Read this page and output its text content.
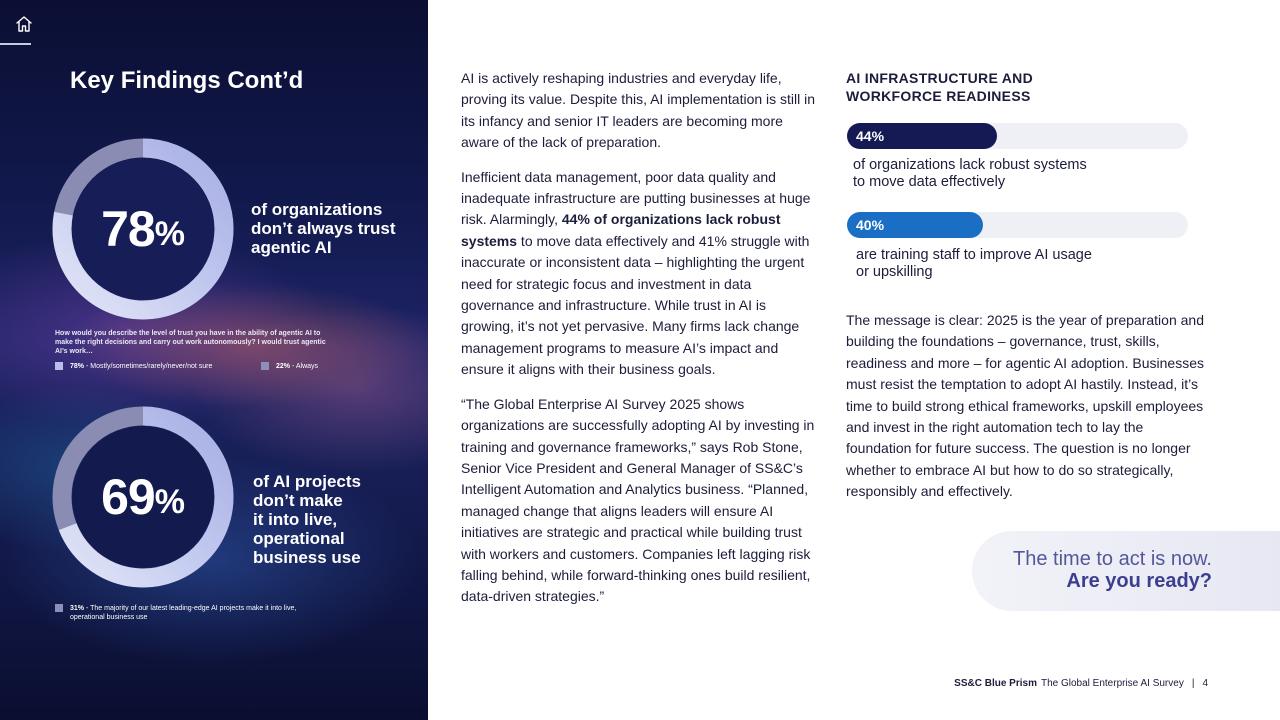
Key Findings Cont’d
78 %
of organizations
don’t always trust
agentic AI
How would you describe the level of trust you have in the ability of agentic AI to make the right decisions and carry out work autonomously? I would trust agentic AI’s work…
78% - Mostly/sometimes/rarely/never/not sure	22% - Always
69 %
of AI projects
don’t make
it into live,
operational
business use
31% - The majority of our latest leading-edge AI projects make it into live, operational business use

AI is actively reshaping industries and everyday life, proving its value. Despite this, AI implementation is still in its infancy and senior IT leaders are becoming more aware of the lack of preparation.

Inefficient data management, poor data quality and inadequate infrastructure are putting businesses at huge risk. Alarmingly, 44% of organizations lack robust systems to move data effectively and 41% struggle with inaccurate or inconsistent data – highlighting the urgent need for strategic focus and investment in data governance and infrastructure. While trust in AI is growing, it’s not yet pervasive. Many firms lack change management programs to measure AI’s impact and ensure it aligns with their business goals.

“The Global Enterprise AI Survey 2025 shows organizations are successfully adopting AI by investing in training and governance frameworks,” says Rob Stone, Senior Vice President and General Manager of SS&C’s Intelligent Automation and Analytics business. “Planned, managed change that aligns leaders will ensure AI initiatives are strategic and practical while building trust with workers and customers. Companies left lagging risk falling behind, while forward-thinking ones build resilient, data-driven strategies.”

AI INFRASTRUCTURE AND
WORKFORCE READINESS
44%
of organizations lack robust systems
to move data effectively
40%
are training staff to improve AI usage
or upskilling
The message is clear: 2025 is the year of preparation and building the foundations – governance, trust, skills, readiness and more – for agentic AI adoption. Businesses must resist the temptation to adopt AI hastily. Instead, it’s time to build strong ethical frameworks, upskill employees and invest in the right automation tech to lay the foundation for future success. The question is no longer whether to embrace AI but how to do so strategically, responsibly and effectively.
The time to act is now.
Are you ready?
SS&C Blue Prism The Global Enterprise AI Survey | 4
